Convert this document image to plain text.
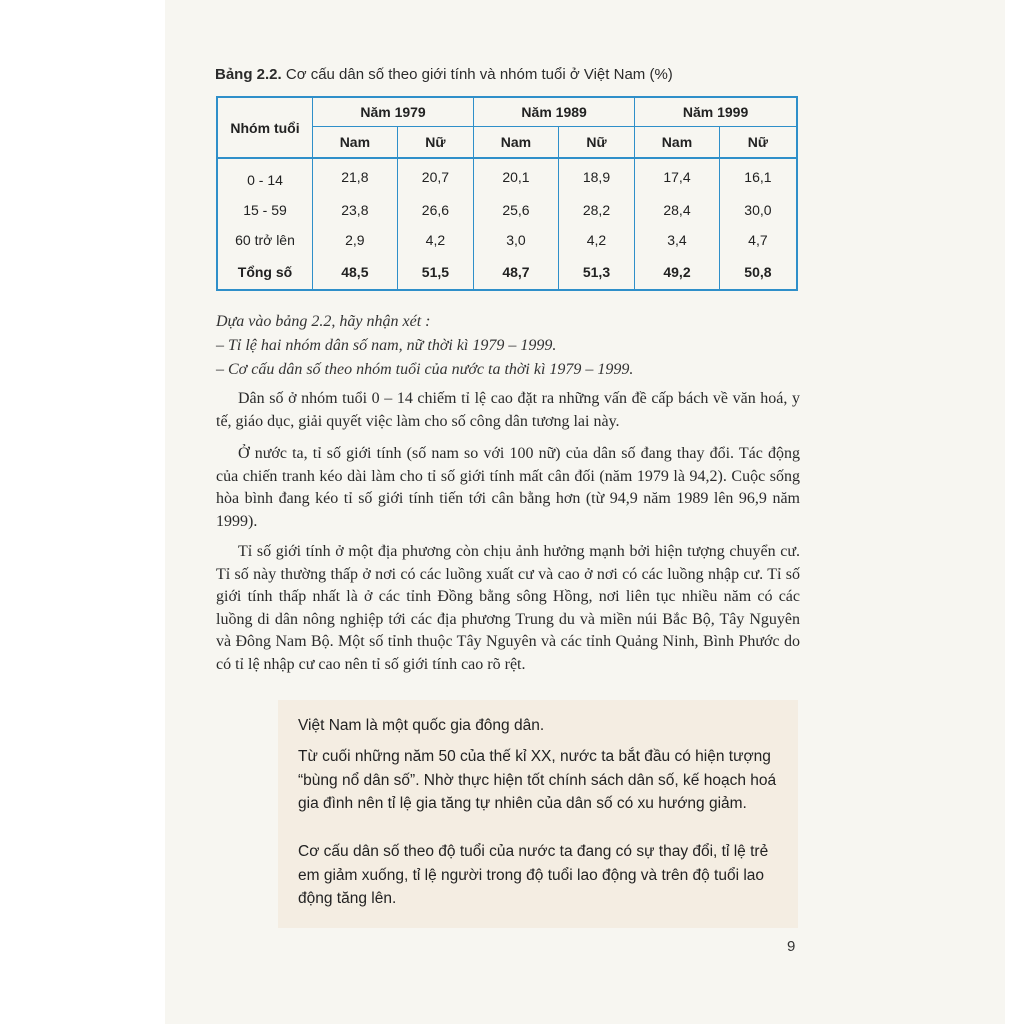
Bảng 2.2. Cơ cấu dân số theo giới tính và nhóm tuổi ở Việt Nam (%)
Nhóm tuổi	Năm 1979		Năm 1989		Năm 1999	
	Nam	Nữ	Nam	Nữ	Nam	Nữ
0 - 14	21,8	20,7	20,1	18,9	17,4	16,1
15 - 59	23,8	26,6	25,6	28,2	28,4	30,0
60 trở lên	2,9	4,2	3,0	4,2	3,4	4,7
Tổng số	48,5	51,5	48,7	51,3	49,2	50,8
Dựa vào bảng 2.2, hãy nhận xét :
– Tỉ lệ hai nhóm dân số nam, nữ thời kì 1979 – 1999.
– Cơ cấu dân số theo nhóm tuổi của nước ta thời kì 1979 – 1999.
Dân số ở nhóm tuổi 0 – 14 chiếm tỉ lệ cao đặt ra những vấn đề cấp bách về văn hoá, y tế, giáo dục, giải quyết việc làm cho số công dân tương lai này.
Ở nước ta, tỉ số giới tính (số nam so với 100 nữ) của dân số đang thay đổi. Tác động của chiến tranh kéo dài làm cho tỉ số giới tính mất cân đối (năm 1979 là 94,2). Cuộc sống hòa bình đang kéo tỉ số giới tính tiến tới cân bằng hơn (từ 94,9 năm 1989 lên 96,9 năm 1999).
Tỉ số giới tính ở một địa phương còn chịu ảnh hưởng mạnh bởi hiện tượng chuyển cư. Tỉ số này thường thấp ở nơi có các luồng xuất cư và cao ở nơi có các luồng nhập cư. Tỉ số giới tính thấp nhất là ở các tỉnh Đồng bằng sông Hồng, nơi liên tục nhiều năm có các luồng di dân nông nghiệp tới các địa phương Trung du và miền núi Bắc Bộ, Tây Nguyên và Đông Nam Bộ. Một số tỉnh thuộc Tây Nguyên và các tỉnh Quảng Ninh, Bình Phước do có tỉ lệ nhập cư cao nên tỉ số giới tính cao rõ rệt.
Việt Nam là một quốc gia đông dân.
Từ cuối những năm 50 của thế kỉ XX, nước ta bắt đầu có hiện tượng “bùng nổ dân số”. Nhờ thực hiện tốt chính sách dân số, kế hoạch hoá gia đình nên tỉ lệ gia tăng tự nhiên của dân số có xu hướng giảm.
Cơ cấu dân số theo độ tuổi của nước ta đang có sự thay đổi, tỉ lệ trẻ em giảm xuống, tỉ lệ người trong độ tuổi lao động và trên độ tuổi lao động tăng lên.
9
